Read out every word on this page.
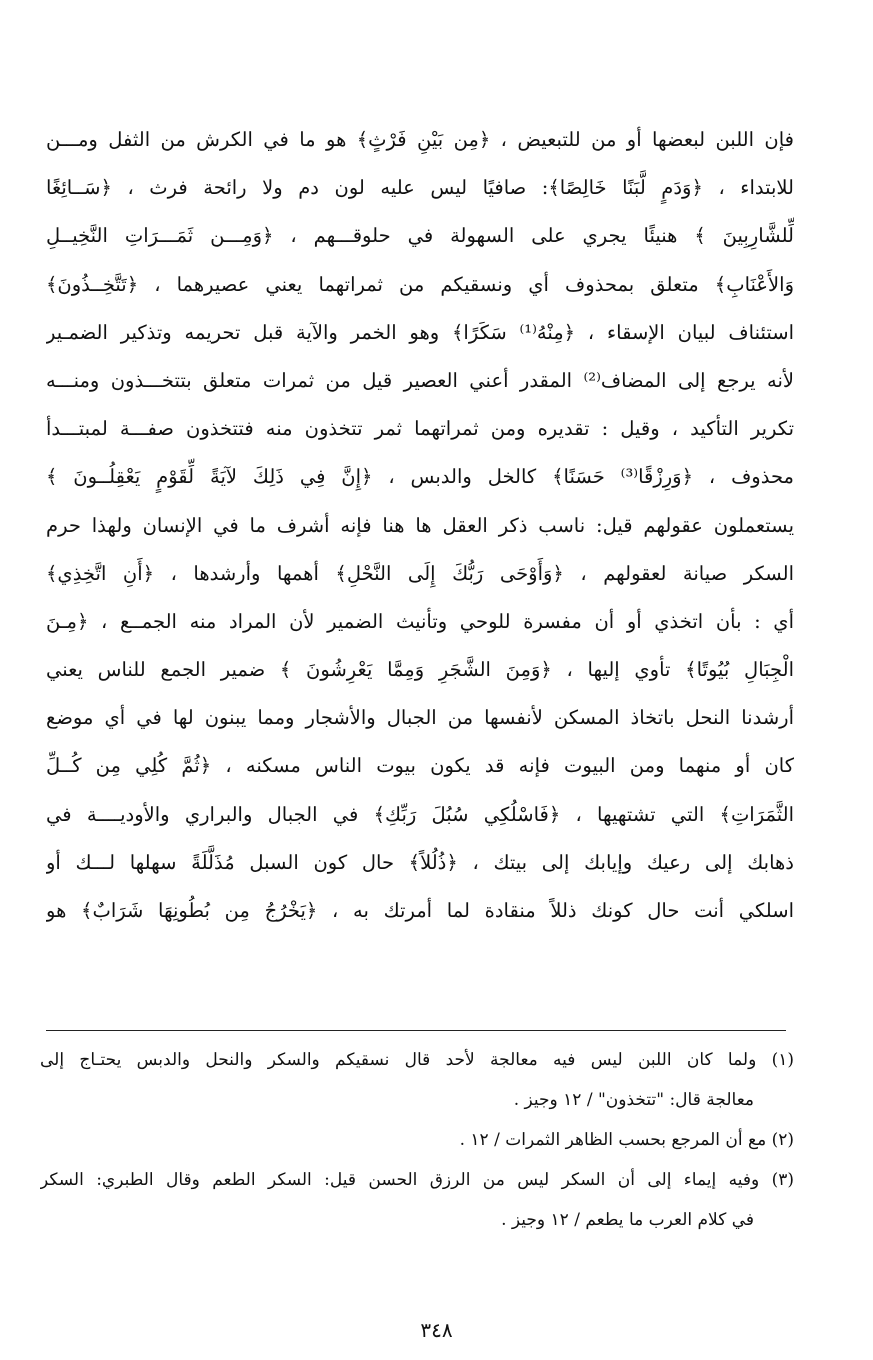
فإن اللبن لبعضها أو من للتبعيض ، ﴿مِن بَيْنِ فَرْثٍ﴾ هو ما في الكرش من الثفل ومـــن
للابتداء ، ﴿وَدَمٍ لَّبَنًا خَالِصًا﴾: صافيًا ليس عليه لون دم ولا رائحة فرث ، ﴿سَــائِغًا
لِّلشَّارِبِينَ ﴾ هنيئًا يجري على السهولة في حلوقـــهم ، ﴿وَمِـــن ثَمَـــرَاتِ النَّخِيــلِ
وَالأَعْنَابِ﴾ متعلق بمحذوف أي ونسقيكم من ثمراتهما يعني عصيرهما ، ﴿تَتَّخِــذُونَ﴾
استئناف لبيان الإسقاء ، ﴿مِنْهُ⁽¹⁾ سَكَرًا﴾ وهو الخمر والآية قبل تحريمه وتذكير الضمـير
لأنه يرجع إلى المضاف⁽²⁾ المقدر أعني العصير قيل من ثمرات متعلق بتتخـــذون ومنـــه
تكرير التأكيد ، وقيل : تقديره ومن ثمراتهما ثمر تتخذون منه فتتخذون صفـــة لمبتـــدأ
محذوف ، ﴿وَرِزْقًا⁽³⁾ حَسَنًا﴾ كالخل والدبس ، ﴿إِنَّ فِي ذَلِكَ لآيَةً لِّقَوْمٍ يَعْقِلُــونَ ﴾
يستعملون عقولهم قيل: ناسب ذكر العقل ها هنا فإنه أشرف ما في الإنسان ولهذا حرم
السكر صيانة لعقولهم ، ﴿وَأَوْحَى رَبُّكَ إِلَى النَّحْلِ﴾ أهمها وأرشدها ، ﴿أَنِ اتَّخِذِي﴾
أي : بأن اتخذي أو أن مفسرة للوحي وتأنيث الضمير لأن المراد منه الجمــع ، ﴿مِـنَ
الْجِبَالِ بُيُوتًا﴾ تأوي إليها ، ﴿وَمِنَ الشَّجَرِ وَمِمَّا يَعْرِشُونَ ﴾ ضمير الجمع للناس يعني
أرشدنا النحل باتخاذ المسكن لأنفسها من الجبال والأشجار ومما يبنون لها في أي موضع
كان أو منهما ومن البيوت فإنه قد يكون بيوت الناس مسكنه ، ﴿ثُمَّ كُلِي مِن كُــلِّ
الثَّمَرَاتِ﴾ التي تشتهيها ، ﴿فَاسْلُكِي سُبُلَ رَبِّكِ﴾ في الجبال والبراري والأوديــــة في
ذهابك إلى رعيك وإيابك إلى بيتك ، ﴿ذُلُلاً﴾ حال كون السبل مُذَلَّلَةً سهلها لـــك أو
اسلكي أنت حال كونك ذللاً منقادة لما أمرتك به ، ﴿يَخْرُجُ مِن بُطُونِهَا شَرَابٌ﴾ هو
(١) ولما كان اللبن ليس فيه معالجة لأحد قال نسقيكم والسكر والنحل والدبس يحتـاج إلى
معالجة قال: "تتخذون" / ١٢ وجيز .
(٢) مع أن المرجع بحسب الظاهر الثمرات / ١٢ .
(٣) وفيه إيماء إلى أن السكر ليس من الرزق الحسن قيل: السكر الطعم وقال الطبري: السكر
في كلام العرب ما يطعم / ١٢ وجيز .
٣٤٨
